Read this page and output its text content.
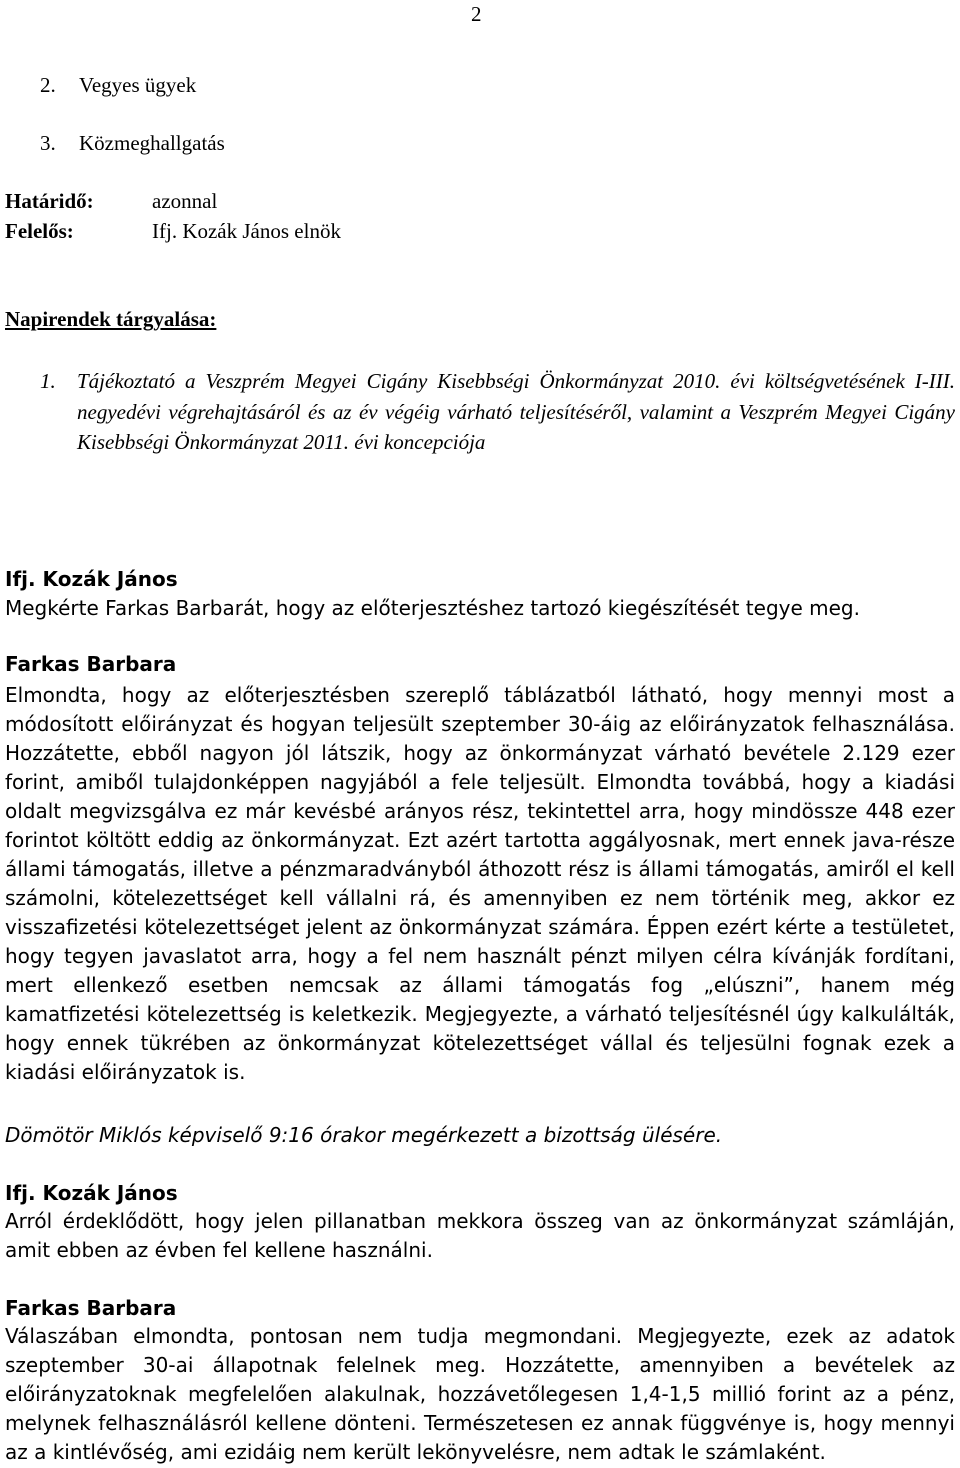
2
2. Vegyes ügyek
3. Közmeghallgatás
Határidő:	azonnal
Felelős:	Ifj. Kozák János elnök
Napirendek tárgyalása:
1. Tájékoztató a Veszprém Megyei Cigány Kisebbségi Önkormányzat 2010. évi költségvetésének I-III. negyedévi végrehajtásáról és az év végéig várható teljesítéséről, valamint a Veszprém Megyei Cigány Kisebbségi Önkormányzat 2011. évi koncepciója
Ifj. Kozák János
Megkérte Farkas Barbarát, hogy az előterjesztéshez tartozó kiegészítését tegye meg.
Farkas Barbara
Elmondta, hogy az előterjesztésben szereplő táblázatból látható, hogy mennyi most a
módosított előirányzat és hogyan teljesült szeptember 30-áig az előirányzatok felhasználása.
Hozzátette, ebből nagyon jól látszik, hogy az önkormányzat várható bevétele 2.129 ezer
forint, amiből tulajdonképpen nagyjából a fele teljesült. Elmondta továbbá, hogy a kiadási
oldalt megvizsgálva ez már kevésbé arányos rész, tekintettel arra, hogy mindössze 448 ezer
forintot költött eddig az önkormányzat. Ezt azért tartotta aggályosnak, mert ennek java-része
állami támogatás, illetve a pénzmaradványból áthozott rész is állami támogatás, amiről el kell
számolni, kötelezettséget kell vállalni rá, és amennyiben ez nem történik meg, akkor ez
visszafizetési kötelezettséget jelent az önkormányzat számára. Éppen ezért kérte a testületet,
hogy tegyen javaslatot arra, hogy a fel nem használt pénzt milyen célra kívánják fordítani,
mert ellenkező esetben nemcsak az állami támogatás fog „elúszni”, hanem még
kamatfizetési kötelezettség is keletkezik. Megjegyezte, a várható teljesítésnél úgy kalkulálták,
hogy ennek tükrében az önkormányzat kötelezettséget vállal és teljesülni fognak ezek a
kiadási előirányzatok is.
Dömötör Miklós képviselő 9:16 órakor megérkezett a bizottság ülésére.
Ifj. Kozák János
Arról érdeklődött, hogy jelen pillanatban mekkora összeg van az önkormányzat számláján,
amit ebben az évben fel kellene használni.
Farkas Barbara
Válaszában elmondta, pontosan nem tudja megmondani. Megjegyezte, ezek az adatok
szeptember 30-ai állapotnak felelnek meg. Hozzátette, amennyiben a bevételek az
előirányzatoknak megfelelően alakulnak, hozzávetőlegesen 1,4-1,5 millió forint az a pénz,
melynek felhasználásról kellene dönteni. Természetesen ez annak függvénye is, hogy mennyi
az a kintlévőség, ami ezidáig nem került lekönyvelésre, nem adtak le számlaként.
